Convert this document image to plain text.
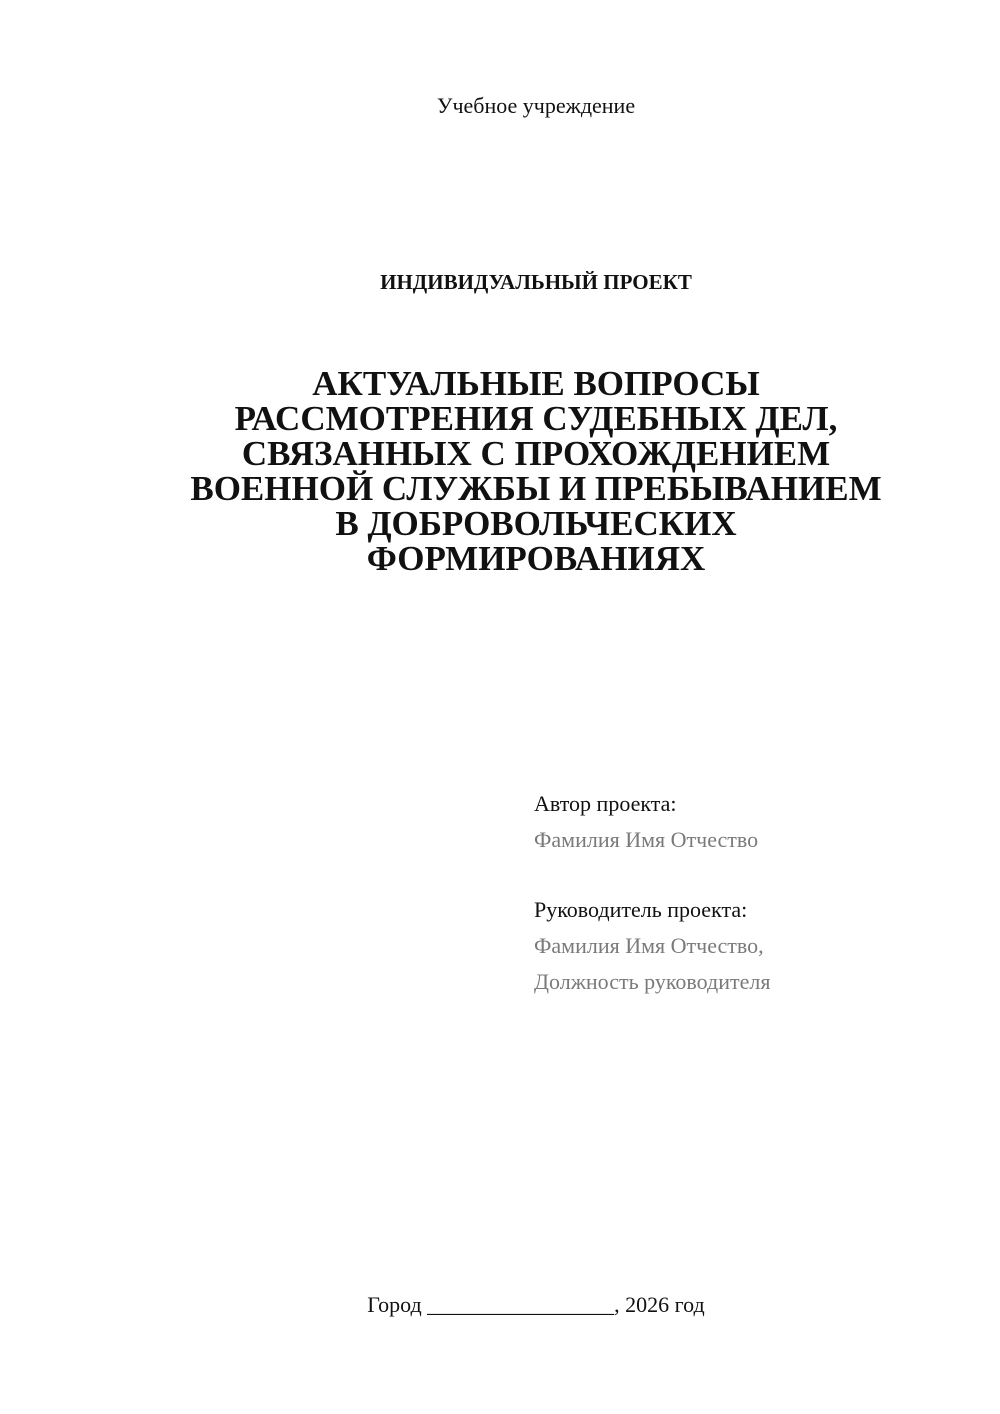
Учебное учреждение
ИНДИВИДУАЛЬНЫЙ ПРОЕКТ
АКТУАЛЬНЫЕ ВОПРОСЫ
РАССМОТРЕНИЯ СУДЕБНЫХ ДЕЛ,
СВЯЗАННЫХ С ПРОХОЖДЕНИЕМ
ВОЕННОЙ СЛУЖБЫ И ПРЕБЫВАНИЕМ
В ДОБРОВОЛЬЧЕСКИХ
ФОРМИРОВАНИЯХ
Автор проекта:
Фамилия Имя Отчество
Руководитель проекта:
Фамилия Имя Отчество,
Должность руководителя
Город _________________, 2026 год
